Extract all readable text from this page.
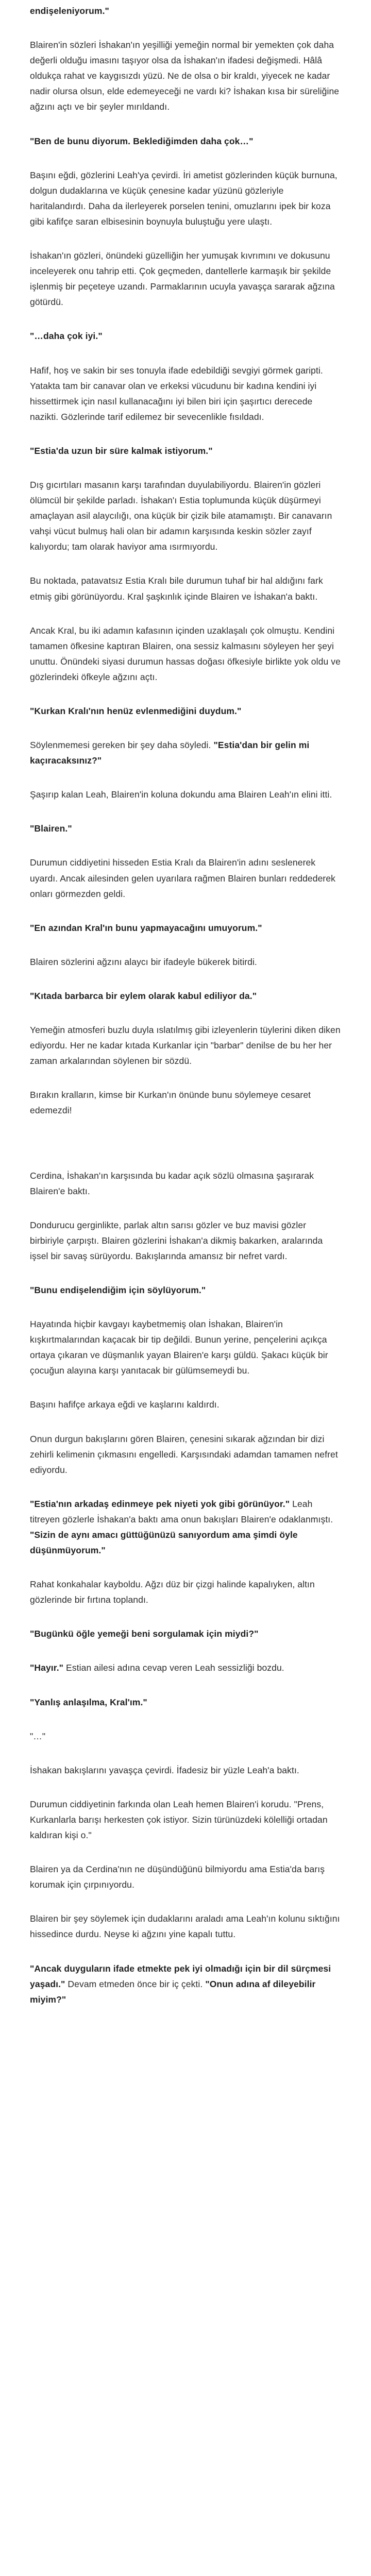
endişeleniyorum."

Blairen'in sözleri İshakan'ın yeşilliği yemeğin normal bir yemekten çok daha değerli olduğu imasını taşıyor olsa da İshakan'ın ifadesi değişmedi. Hâlâ oldukça rahat ve kaygısızdı yüzü. Ne de olsa o bir kraldı, yiyecek ne kadar nadir olursa olsun, elde edemeyeceği ne vardı ki? İshakan kısa bir süreliğine ağzını açtı ve bir şeyler mırıldandı.

"Ben de bunu diyorum. Beklediğimden daha çok…"

Başını eğdi, gözlerini Leah'ya çevirdi. İri ametist gözlerinden küçük burnuna, dolgun dudaklarına ve küçük çenesine kadar yüzünü gözleriyle haritalandırdı. Daha da ilerleyerek porselen tenini, omuzlarını ipek bir koza gibi kafifçe saran elbisesinin boynuyla buluştuğu yere ulaştı.

İshakan'ın gözleri, önündeki güzelliğin her yumuşak kıvrımını ve dokusunu inceleyerek onu tahrip etti. Çok geçmeden, dantellerle karmaşık bir şekilde işlenmiş bir peçeteye uzandı. Parmaklarının ucuyla yavaşça sararak ağzına götürdü.

"…daha çok iyi."

Hafif, hoş ve sakin bir ses tonuyla ifade edebildiği sevgiyi görmek garipti. Yatakta tam bir canavar olan ve erkeksi vücudunu bir kadına kendini iyi hissettirmek için nasıl kullanacağını iyi bilen biri için şaşırtıcı derecede nazikti. Gözlerinde tarif edilemez bir sevecenlikle fısıldadı.

"Estia'da uzun bir süre kalmak istiyorum."

Dış gıcırtıları masanın karşı tarafından duyulabiliyordu. Blairen'in gözleri ölümcül bir şekilde parladı. İshakan'ı Estia toplumunda küçük düşürmeyi amaçlayan asil alaycılığı, ona küçük bir çizik bile atamamıştı. Bir canavarın vahşi vücut bulmuş hali olan bir adamın karşısında keskin sözler zayıf kalıyordu; tam olarak haviyor ama ısırmıyordu.

Bu noktada, patavatsız Estia Kralı bile durumun tuhaf bir hal aldığını fark etmiş gibi görünüyordu. Kral şaşkınlık içinde Blairen ve İshakan'a baktı.

Ancak Kral, bu iki adamın kafasının içinden uzaklaşalı çok olmuştu. Kendini tamamen öfkesine kaptıran Blairen, ona sessiz kalmasını söyleyen her şeyi unuttu. Önündeki siyasi durumun hassas doğası öfkesiyle birlikte yok oldu ve gözlerindeki öfkeyle ağzını açtı.

"Kurkan Kralı'nın henüz evlenmediğini duydum."

Söylenmemesi gereken bir şey daha söyledi. "Estia'dan bir gelin mi kaçıracaksınız?"

Şaşırıp kalan Leah, Blairen'in koluna dokundu ama Blairen Leah'ın elini itti.

"Blairen."

Durumun ciddiyetini hisseden Estia Kralı da Blairen'in adını seslenerek uyardı. Ancak ailesinden gelen uyarılara rağmen Blairen bunları reddederek onları görmezden geldi.

"En azından Kral'ın bunu yapmayacağını umuyorum."

Blairen sözlerini ağzını alaycı bir ifadeyle bükerek bitirdi.

"Kıtada barbarca bir eylem olarak kabul ediliyor da."

Yemeğin atmosferi buzlu duyla ıslatılmış gibi izleyenlerin tüylerini diken diken ediyordu. Her ne kadar kıtada Kurkanlar için "barbar" denilse de bu her her zaman arkalarından söylenen bir sözdü.

Bırakın kralların, kimse bir Kurkan'ın önünde bunu söylemeye cesaret edemezdi!

Cerdina, İshakan'ın karşısında bu kadar açık sözlü olmasına şaşırarak Blairen'e baktı.

Dondurucu gerginlikte, parlak altın sarısı gözler ve buz mavisi gözler birbiriyle çarpıştı. Blairen gözlerini İshakan'a dikmiş bakarken, aralarında işsel bir savaş sürüyordu. Bakışlarında amansız bir nefret vardı.

"Bunu endişelendiğim için söylüyorum."

Hayatında hiçbir kavgayı kaybetmemiş olan İshakan, Blairen'in kışkırtmalarından kaçacak bir tip değildi. Bunun yerine, pençelerini açıkça ortaya çıkaran ve düşmanlık yayan Blairen'e karşı güldü. Şakacı küçük bir çocuğun alayına karşı yanıtacak bir gülümsemeydi bu.

Başını hafifçe arkaya eğdi ve kaşlarını kaldırdı.

Onun durgun bakışlarını gören Blairen, çenesini sıkarak ağzından bir dizi zehirli kelimenin çıkmasını engelledi. Karşısındaki adamdan tamamen nefret ediyordu.

"Estia'nın arkadaş edinmeye pek niyeti yok gibi görünüyor." Leah titreyen gözlerle İshakan'a baktı ama onun bakışları Blairen'e odaklanmıştı. "Sizin de aynı amacı güttüğünüzü sanıyordum ama şimdi öyle düşünmüyorum."

Rahat konkahalar kayboldu. Ağzı düz bir çizgi halinde kapalıyken, altın gözlerinde bir fırtına toplandı.

"Bugünkü öğle yemeği beni sorgulamak için miydi?"

"Hayır." Estian ailesi adına cevap veren Leah sessizliği bozdu.

"Yanlış anlaşılma, Kral'ım."

"…"

İshakan bakışlarını yavaşça çevirdi. İfadesiz bir yüzle Leah'a baktı.

Durumun ciddiyetinin farkında olan Leah hemen Blairen'i korudu. "Prens, Kurkanlarla barışı herkesten çok istiyor. Sizin türünüzdeki kölelliği ortadan kaldıran kişi o."

Blairen ya da Cerdina'nın ne düşündüğünü bilmiyordu ama Estia'da barış korumak için çırpınıyordu.

Blairen bir şey söylemek için dudaklarını araladı ama Leah'ın kolunu sıktığını hissedince durdu. Neyse ki ağzını yine kapalı tuttu.

"Ancak duyguların ifade etmekte pek iyi olmadığı için bir dil sürçmesi yaşadı." Devam etmeden önce bir iç çekti. "Onun adına af dileyebilir miyim?"
